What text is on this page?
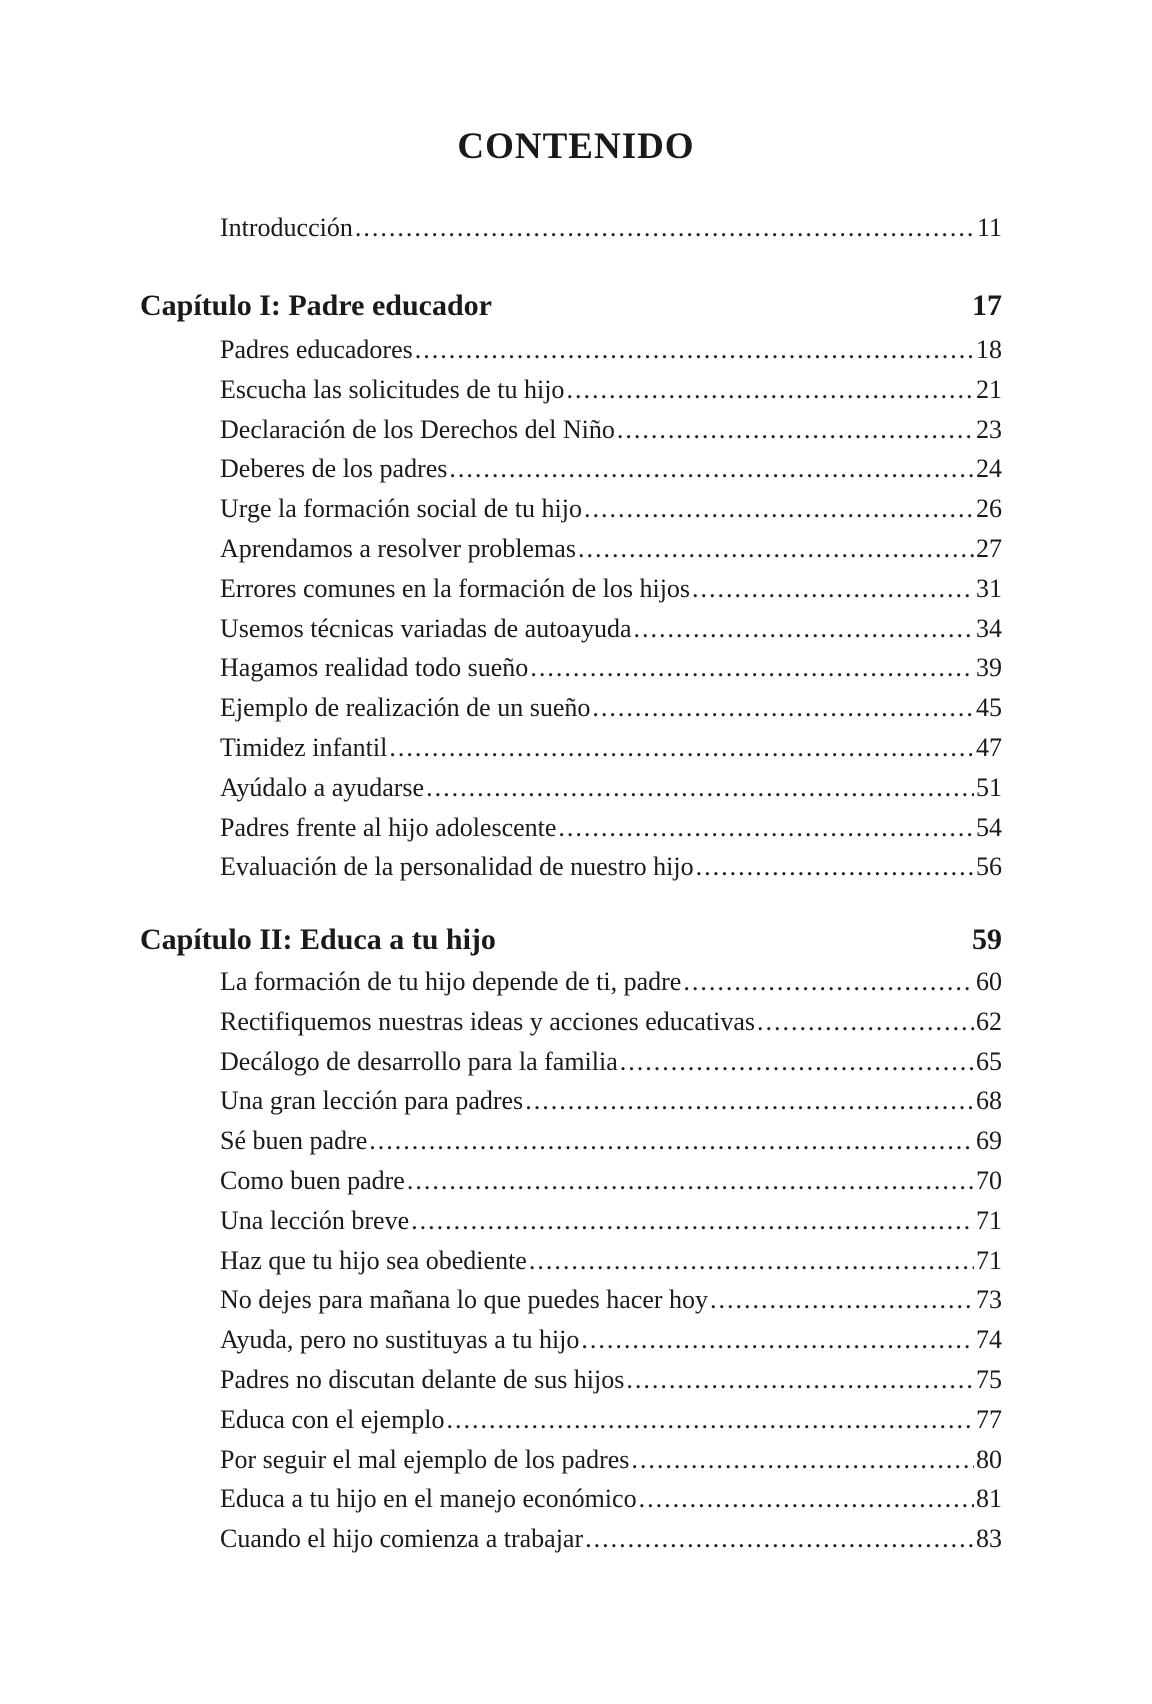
CONTENIDO
Introducción .....	11
Capítulo I: Padre educador	17
Padres educadores .....	18
Escucha las solicitudes de tu hijo .....	21
Declaración de los Derechos del Niño .....	23
Deberes de los padres .....	24
Urge la formación social de tu hijo .....	26
Aprendamos a resolver problemas .....	27
Errores comunes en la formación de los hijos .....	31
Usemos técnicas variadas de autoayuda .....	34
Hagamos realidad todo sueño .....	39
Ejemplo de realización de un sueño .....	45
Timidez infantil .....	47
Ayúdalo a ayudarse .....	51
Padres frente al hijo adolescente .....	54
Evaluación de la personalidad de nuestro hijo .....	56
Capítulo II: Educa a tu hijo	59
La formación de tu hijo depende de ti, padre .....	60
Rectifiquemos nuestras ideas y acciones educativas .....	62
Decálogo de desarrollo para la familia .....	65
Una gran lección para padres .....	68
Sé buen padre .....	69
Como buen padre .....	70
Una lección breve .....	71
Haz que tu hijo sea obediente .....	71
No dejes para mañana lo que puedes hacer hoy .....	73
Ayuda, pero no sustituyas a tu hijo .....	74
Padres no discutan delante de sus hijos .....	75
Educa con el ejemplo .....	77
Por seguir el mal ejemplo de los padres .....	80
Educa a tu hijo en el manejo económico .....	81
Cuando el hijo comienza a trabajar .....	83
